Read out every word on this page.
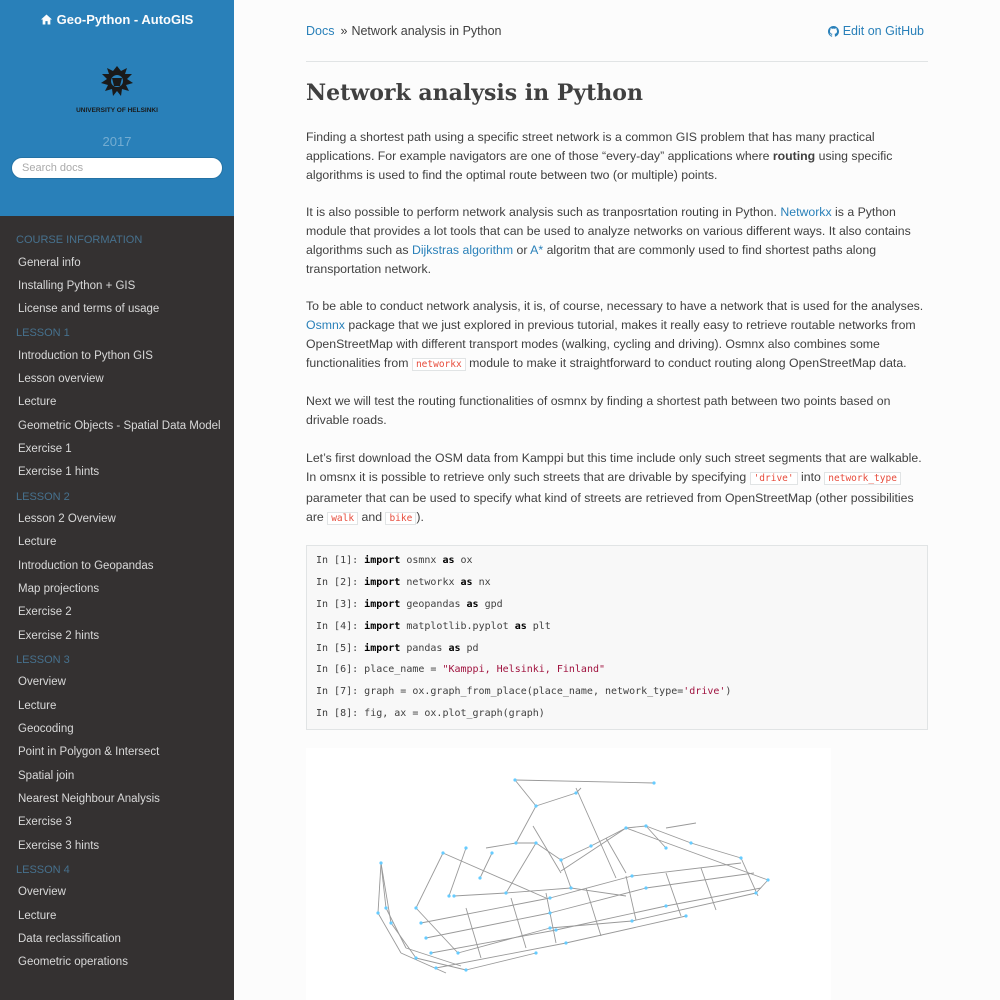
Geo-Python - AutoGIS
UNIVERSITY OF HELSINKI
2017
Search docs
COURSE INFORMATION
General info
Installing Python + GIS
License and terms of usage
LESSON 1
Introduction to Python GIS
Lesson overview
Lecture
Geometric Objects - Spatial Data Model
Exercise 1
Exercise 1 hints
LESSON 2
Lesson 2 Overview
Lecture
Introduction to Geopandas
Map projections
Exercise 2
Exercise 2 hints
LESSON 3
Overview
Lecture
Geocoding
Point in Polygon & Intersect
Spatial join
Nearest Neighbour Analysis
Exercise 3
Exercise 3 hints
LESSON 4
Overview
Lecture
Data reclassification
Geometric operations
Docs » Network analysis in Python	Edit on GitHub
Network analysis in Python

Finding a shortest path using a specific street network is a common GIS problem that has many practical applications. For example navigators are one of those “every-day” applications where routing using specific algorithms is used to find the optimal route between two (or multiple) points.

It is also possible to perform network analysis such as tranposrtation routing in Python. Networkx is a Python module that provides a lot tools that can be used to analyze networks on various different ways. It also contains algorithms such as Dijkstras algorithm or A* algoritm that are commonly used to find shortest paths along transportation network.

To be able to conduct network analysis, it is, of course, necessary to have a network that is used for the analyses. Osmnx package that we just explored in previous tutorial, makes it really easy to retrieve routable networks from OpenStreetMap with different transport modes (walking, cycling and driving). Osmnx also combines some functionalities from networkx module to make it straightforward to conduct routing along OpenStreetMap data.

Next we will test the routing functionalities of osmnx by finding a shortest path between two points based on drivable roads.

Let’s first download the OSM data from Kamppi but this time include only such street segments that are walkable. In omsnx it is possible to retrieve only such streets that are drivable by specifying 'drive' into network_type parameter that can be used to specify what kind of streets are retrieved from OpenStreetMap (other possibilities are walk and bike ).

In [1]: import osmnx as ox
In [2]: import networkx as nx
In [3]: import geopandas as gpd
In [4]: import matplotlib.pyplot as plt
In [5]: import pandas as pd
In [6]: place_name = "Kamppi, Helsinki, Finland"
In [7]: graph = ox.graph_from_place(place_name, network_type='drive')
In [8]: fig, ax = ox.plot_graph(graph)
